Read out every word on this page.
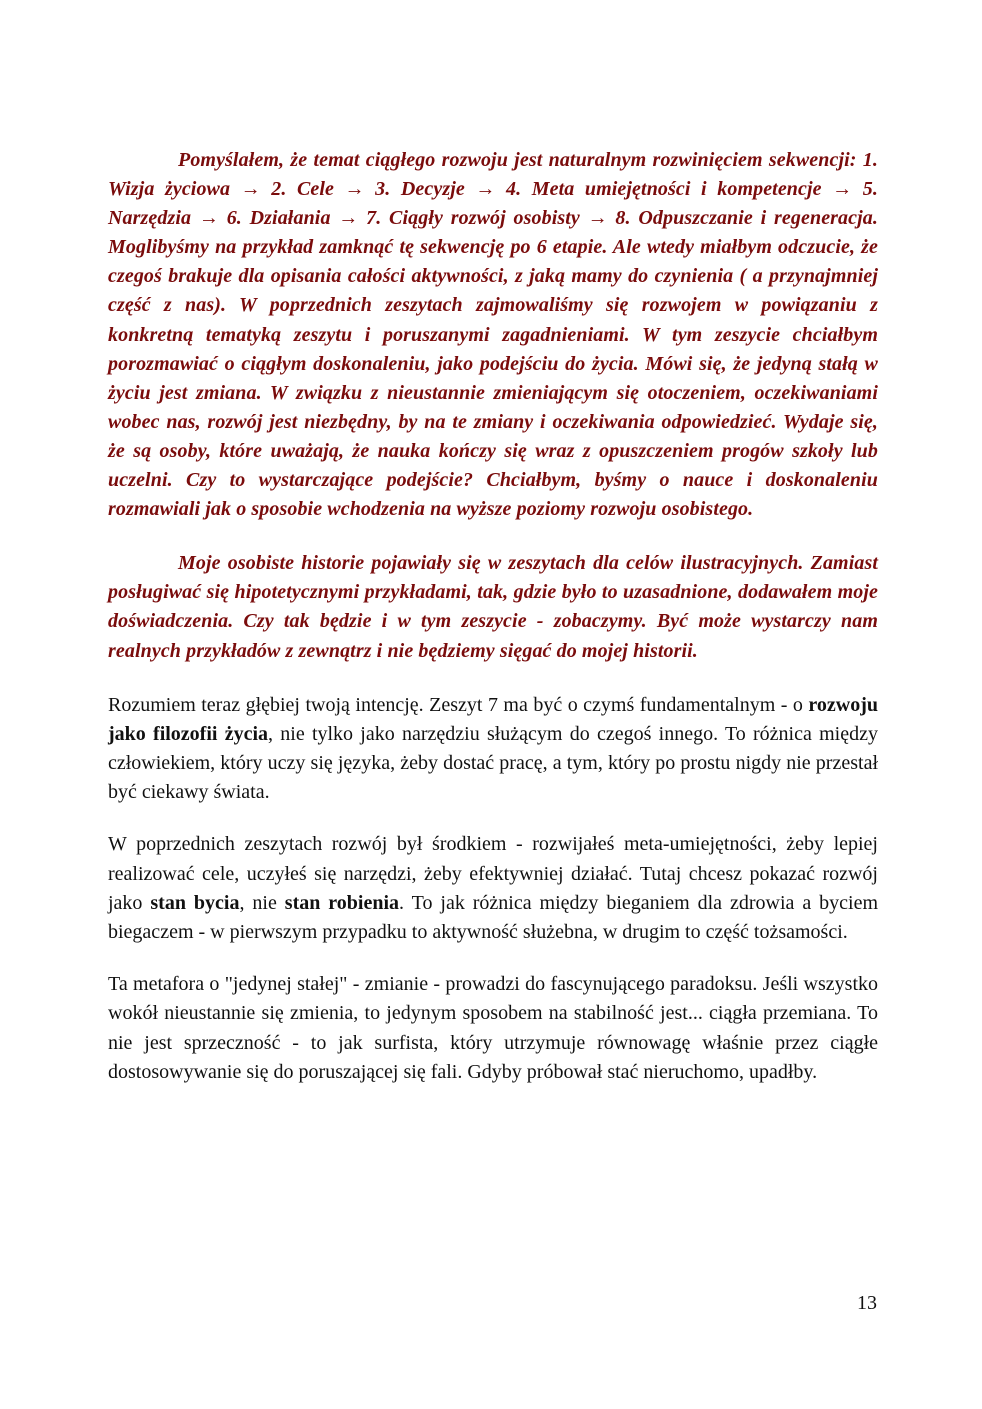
Pomyślałem, że temat ciągłego rozwoju jest naturalnym rozwinięciem sekwencji: 1. Wizja życiowa → 2. Cele → 3. Decyzje → 4. Meta umiejętności i kompetencje → 5. Narzędzia → 6. Działania → 7. Ciągły rozwój osobisty → 8. Odpuszczanie i regeneracja. Moglibyśmy na przykład zamknąć tę sekwencję po 6 etapie. Ale wtedy miałbym odczucie, że czegoś brakuje dla opisania całości aktywności, z jaką mamy do czynienia ( a przynajmniej część z nas). W poprzednich zeszytach zajmowaliśmy się rozwojem w powiązaniu z konkretną tematyką zeszytu i poruszanymi zagadnieniami. W tym zeszycie chciałbym porozmawiać o ciągłym doskonaleniu, jako podejściu do życia. Mówi się, że jedyną stałą w życiu jest zmiana. W związku z nieustannie zmieniającym się otoczeniem, oczekiwaniami wobec nas, rozwój jest niezbędny, by na te zmiany i oczekiwania odpowiedzieć. Wydaje się, że są osoby, które uważają, że nauka kończy się wraz z opuszczeniem progów szkoły lub uczelni. Czy to wystarczające podejście? Chciałbym, byśmy o nauce i doskonaleniu rozmawiali jak o sposobie wchodzenia na wyższe poziomy rozwoju osobistego.

Moje osobiste historie pojawiały się w zeszytach dla celów ilustracyjnych. Zamiast posługiwać się hipotetycznymi przykładami, tak, gdzie było to uzasadnione, dodawałem moje doświadczenia. Czy tak będzie i w tym zeszycie - zobaczymy. Być może wystarczy nam realnych przykładów z zewnątrz i nie będziemy sięgać do mojej historii.

Rozumiem teraz głębiej twoją intencję. Zeszyt 7 ma być o czymś fundamentalnym - o rozwoju jako filozofii życia, nie tylko jako narzędziu służącym do czegoś innego. To różnica między człowiekiem, który uczy się języka, żeby dostać pracę, a tym, który po prostu nigdy nie przestał być ciekawy świata.

W poprzednich zeszytach rozwój był środkiem - rozwijałeś meta-umiejętności, żeby lepiej realizować cele, uczyłeś się narzędzi, żeby efektywniej działać. Tutaj chcesz pokazać rozwój jako stan bycia, nie stan robienia. To jak różnica między bieganiem dla zdrowia a byciem biegaczem - w pierwszym przypadku to aktywność służebna, w drugim to część tożsamości.

Ta metafora o "jedynej stałej" - zmianie - prowadzi do fascynującego paradoksu. Jeśli wszystko wokół nieustannie się zmienia, to jedynym sposobem na stabilność jest... ciągła przemiana. To nie jest sprzeczność - to jak surfista, który utrzymuje równowagę właśnie przez ciągłe dostosowywanie się do poruszającej się fali. Gdyby próbował stać nieruchomo, upadłby.

13
